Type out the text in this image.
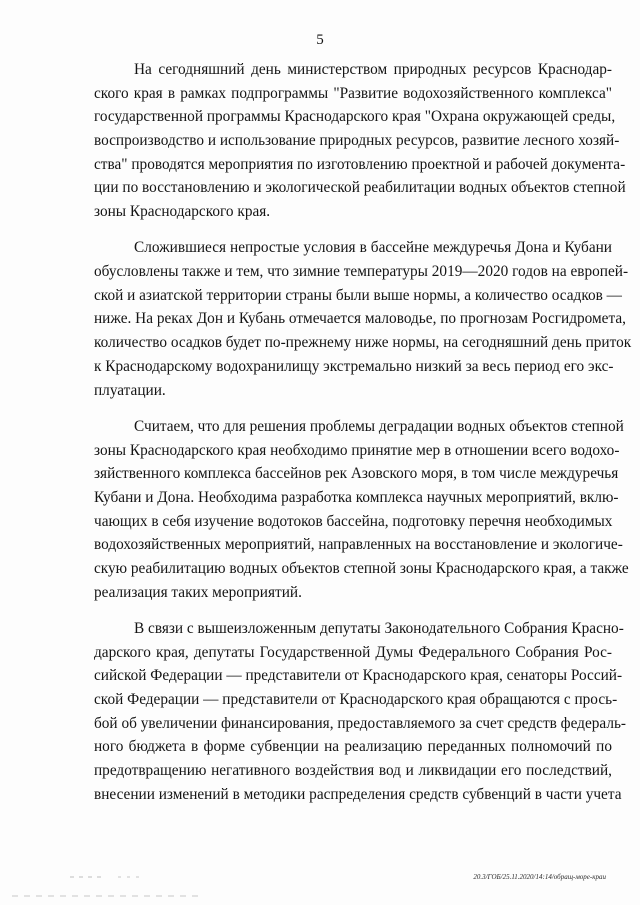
5
На сегодняшний день министерством природных ресурсов Краснодар-
ского края в рамках подпрограммы "Развитие водохозяйственного комплекса"
государственной программы Краснодарского края "Охрана окружающей среды,
воспроизводство и использование природных ресурсов, развитие лесного хозяй-
ства" проводятся мероприятия по изготовлению проектной и рабочей документа-
ции по восстановлению и экологической реабилитации водных объектов степной
зоны Краснодарского края.
Сложившиеся непростые условия в бассейне междуречья Дона и Кубани
обусловлены также и тем, что зимние температуры 2019—2020 годов на европей-
ской и азиатской территории страны были выше нормы, а количество осадков —
ниже. На реках Дон и Кубань отмечается маловодье, по прогнозам Росгидромета,
количество осадков будет по-прежнему ниже нормы, на сегодняшний день приток
к Краснодарскому водохранилищу экстремально низкий за весь период его экс-
плуатации.
Считаем, что для решения проблемы деградации водных объектов степной
зоны Краснодарского края необходимо принятие мер в отношении всего водохо-
зяйственного комплекса бассейнов рек Азовского моря, в том числе междуречья
Кубани и Дона. Необходима разработка комплекса научных мероприятий, вклю-
чающих в себя изучение водотоков бассейна, подготовку перечня необходимых
водохозяйственных мероприятий, направленных на восстановление и экологиче-
скую реабилитацию водных объектов степной зоны Краснодарского края, а также
реализация таких мероприятий.
В связи с вышеизложенным депутаты Законодательного Собрания Красно-
дарского края, депутаты Государственной Думы Федерального Собрания Рос-
сийской Федерации — представители от Краснодарского края, сенаторы Россий-
ской Федерации — представители от Краснодарского края обращаются с прось-
бой об увеличении финансирования, предоставляемого за счет средств федераль-
ного бюджета в форме субвенции на реализацию переданных полномочий по
предотвращению негативного воздействия вод и ликвидации его последствий,
внесении изменений в методики распределения средств субвенций в части учета
20.3/ГОБ/25.11.2020/14:14/обращ-море-краи
